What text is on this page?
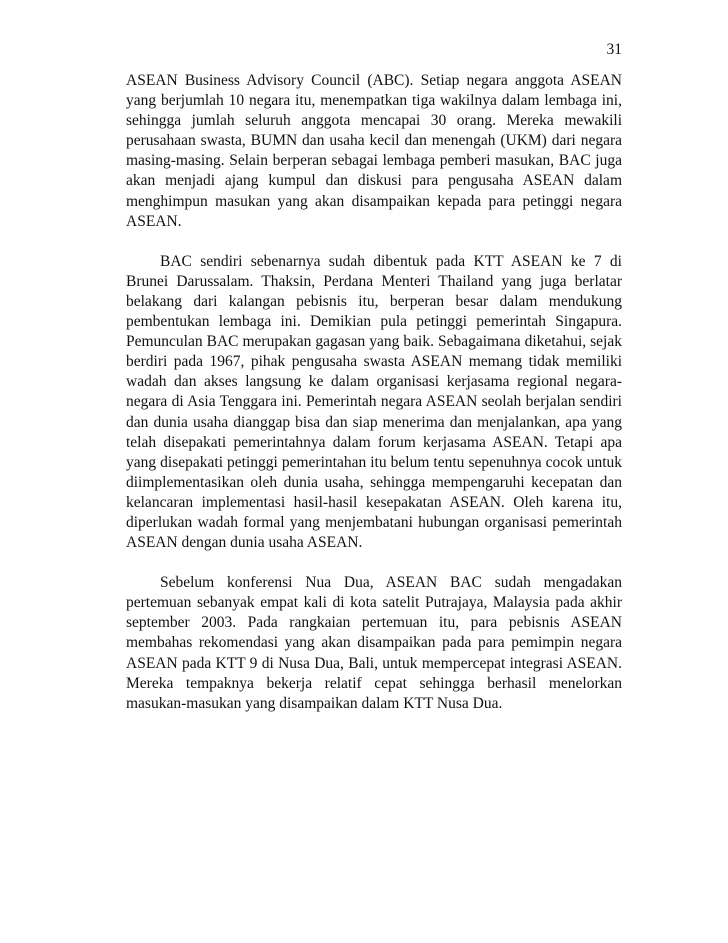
31

ASEAN Business Advisory Council (ABC). Setiap negara anggota ASEAN yang berjumlah 10 negara itu, menempatkan tiga wakilnya dalam lembaga ini, sehingga jumlah seluruh anggota mencapai 30 orang. Mereka mewakili perusahaan swasta, BUMN dan usaha kecil dan menengah (UKM) dari negara masing-masing. Selain berperan sebagai lembaga pemberi masukan, BAC juga akan menjadi ajang kumpul dan diskusi para pengusaha ASEAN dalam menghimpun masukan yang akan disampaikan kepada para petinggi negara ASEAN.

BAC sendiri sebenarnya sudah dibentuk pada KTT ASEAN ke 7 di Brunei Darussalam. Thaksin, Perdana Menteri Thailand yang juga berlatar belakang dari kalangan pebisnis itu, berperan besar dalam mendukung pembentukan lembaga ini. Demikian pula petinggi pemerintah Singapura. Pemunculan BAC merupakan gagasan yang baik. Sebagaimana diketahui, sejak berdiri pada 1967, pihak pengusaha swasta ASEAN memang tidak memiliki wadah dan akses langsung ke dalam organisasi kerjasama regional negara-negara di Asia Tenggara ini. Pemerintah negara ASEAN seolah berjalan sendiri dan dunia usaha dianggap bisa dan siap menerima dan menjalankan, apa yang telah disepakati pemerintahnya dalam forum kerjasama ASEAN. Tetapi apa yang disepakati petinggi pemerintahan itu belum tentu sepenuhnya cocok untuk diimplementasikan oleh dunia usaha, sehingga mempengaruhi kecepatan dan kelancaran implementasi hasil-hasil kesepakatan ASEAN. Oleh karena itu, diperlukan wadah formal yang menjembatani hubungan organisasi pemerintah ASEAN dengan dunia usaha ASEAN.

Sebelum konferensi Nua Dua, ASEAN BAC sudah mengadakan pertemuan sebanyak empat kali di kota satelit Putrajaya, Malaysia pada akhir september 2003. Pada rangkaian pertemuan itu, para pebisnis ASEAN membahas rekomendasi yang akan disampaikan pada para pemimpin negara ASEAN pada KTT 9 di Nusa Dua, Bali, untuk mempercepat integrasi ASEAN. Mereka tempaknya bekerja relatif cepat sehingga berhasil menelorkan masukan-masukan yang disampaikan dalam KTT Nusa Dua.
